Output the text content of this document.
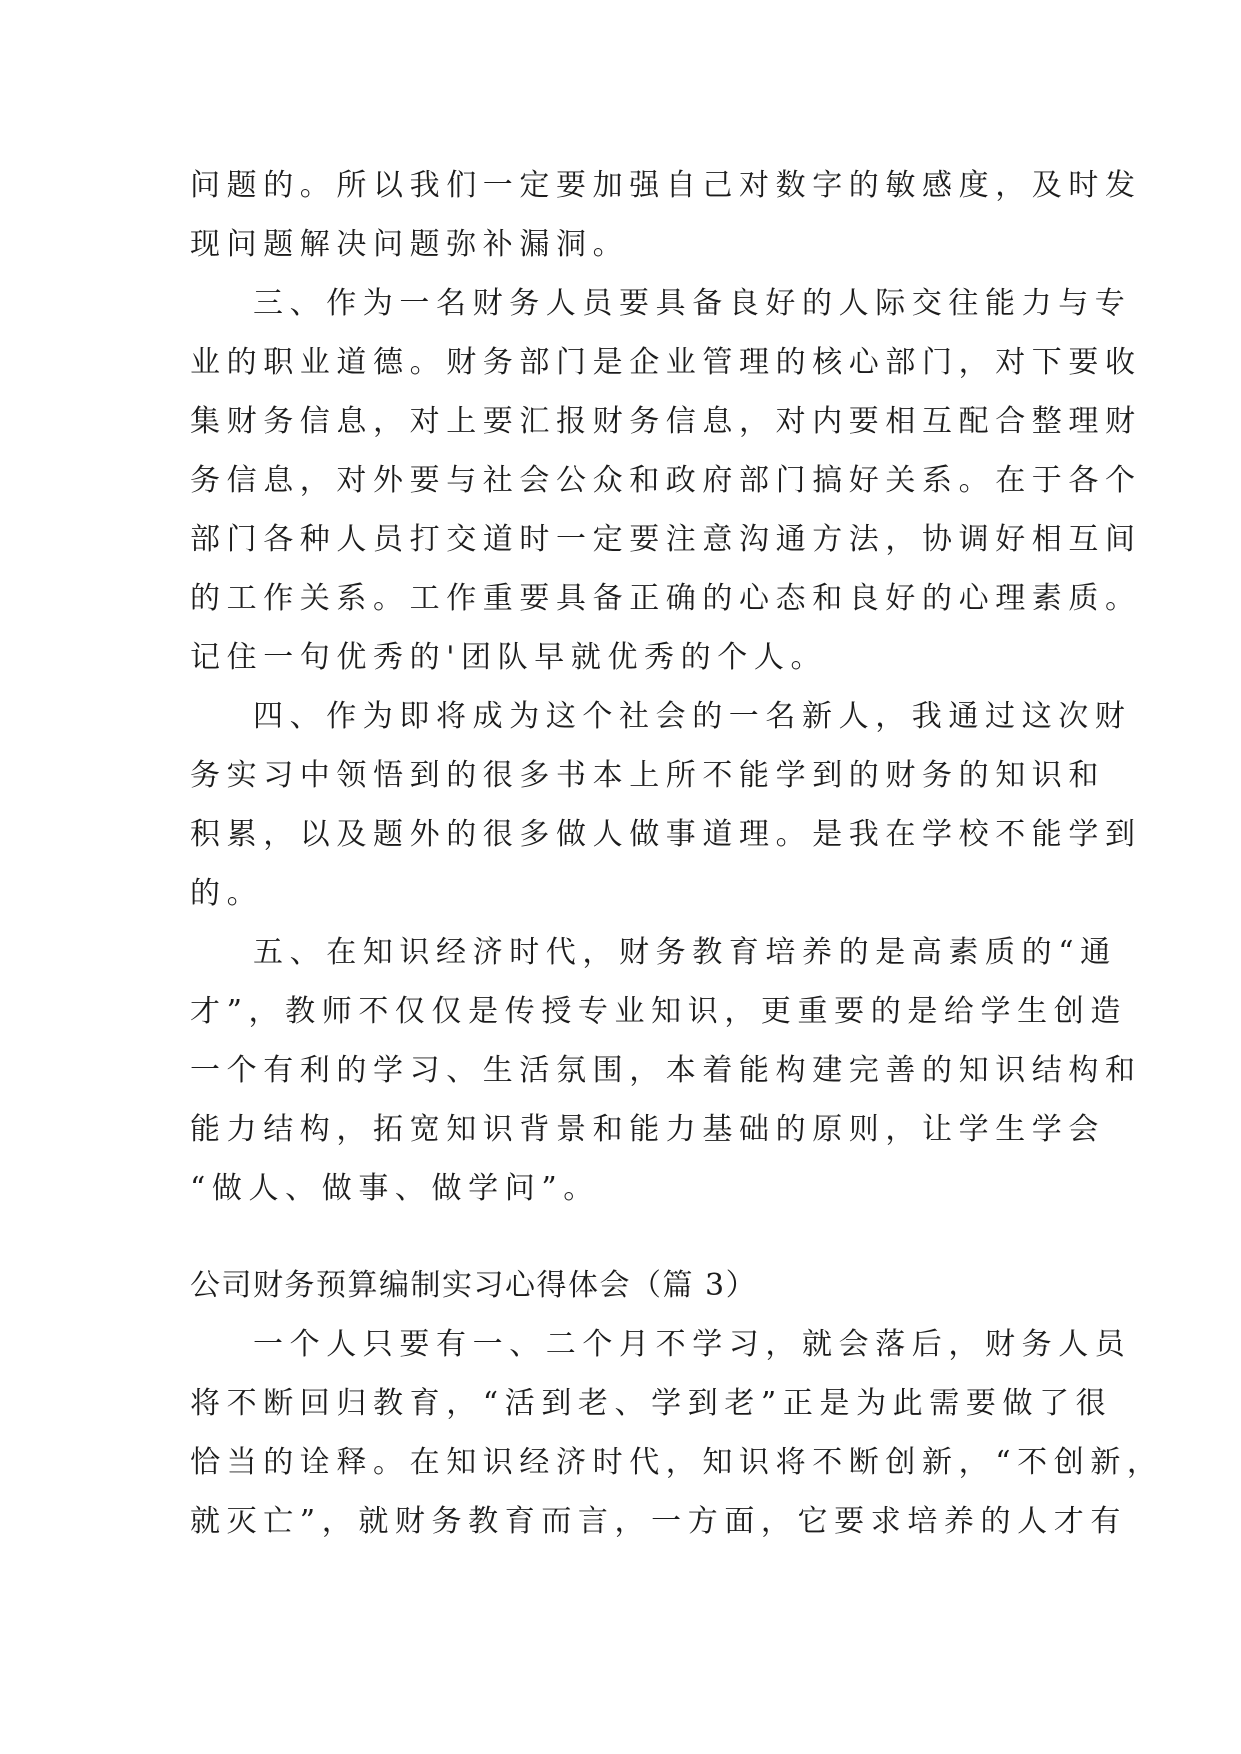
问题的。所以我们一定要加强自己对数字的敏感度，及时发
现问题解决问题弥补漏洞。
三、作为一名财务人员要具备良好的人际交往能力与专
业的职业道德。财务部门是企业管理的核心部门，对下要收
集财务信息，对上要汇报财务信息，对内要相互配合整理财
务信息，对外要与社会公众和政府部门搞好关系。在于各个
部门各种人员打交道时一定要注意沟通方法，协调好相互间
的工作关系。工作重要具备正确的心态和良好的心理素质。
记住一句优秀的'团队早就优秀的个人。
四、作为即将成为这个社会的一名新人，我通过这次财
务实习中领悟到的很多书本上所不能学到的财务的知识和
积累，以及题外的很多做人做事道理。是我在学校不能学到
的。
五、在知识经济时代，财务教育培养的是高素质的“通
才”，教师不仅仅是传授专业知识，更重要的是给学生创造
一个有利的学习、生活氛围，本着能构建完善的知识结构和
能力结构，拓宽知识背景和能力基础的原则，让学生学会
“做人、做事、做学问”。
公司财务预算编制实习心得体会（篇 3）
一个人只要有一、二个月不学习，就会落后，财务人员
将不断回归教育，“活到老、学到老”正是为此需要做了很
恰当的诠释。在知识经济时代，知识将不断创新，“不创新，
就灭亡”，就财务教育而言，一方面，它要求培养的人才有
